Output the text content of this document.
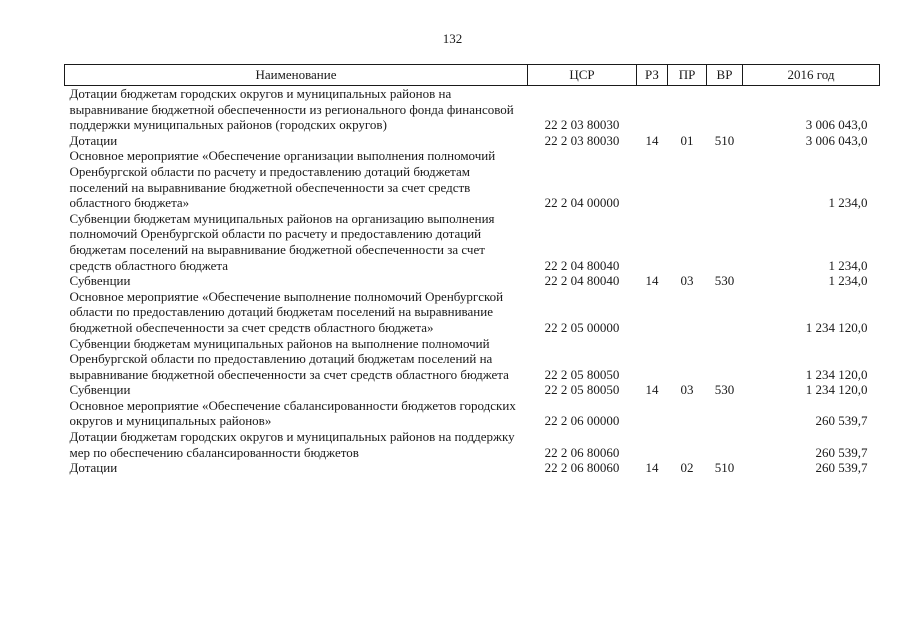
132
Наименование	ЦСР	РЗ	ПР	ВР	2016 год
Дотации бюджетам городских округов и муниципальных районов на выравнивание бюджетной обеспеченности из регионального фонда финансовой поддержки муниципальных районов (городских округов)	22 2 03 80030				3 006 043,0
Дотации	22 2 03 80030	14	01	510	3 006 043,0
Основное мероприятие «Обеспечение организации выполнения полномочий Оренбургской области по расчету и предоставлению дотаций бюджетам поселений на выравнивание бюджетной обеспеченности за счет средств областного бюджета»	22 2 04 00000				1 234,0
Субвенции бюджетам муниципальных районов на организацию выполнения полномочий Оренбургской области по расчету и предоставлению дотаций бюджетам поселений на выравнивание бюджетной обеспеченности за счет средств областного бюджета	22 2 04 80040				1 234,0
Субвенции	22 2 04 80040	14	03	530	1 234,0
Основное мероприятие «Обеспечение выполнение полномочий Оренбургской области по предоставлению дотаций бюджетам поселений на выравнивание бюджетной обеспеченности за счет средств областного бюджета»	22 2 05 00000				1 234 120,0
Субвенции бюджетам муниципальных районов на выполнение полномочий Оренбургской области по предоставлению дотаций бюджетам поселений на выравнивание бюджетной обеспеченности за счет средств областного бюджета	22 2 05 80050				1 234 120,0
Субвенции	22 2 05 80050	14	03	530	1 234 120,0
Основное мероприятие «Обеспечение сбалансированности бюджетов городских округов и муниципальных районов»	22 2 06 00000				260 539,7
Дотации бюджетам городских округов и муниципальных районов на поддержку мер по обеспечению сбалансированности бюджетов	22 2 06 80060				260 539,7
Дотации	22 2 06 80060	14	02	510	260 539,7
